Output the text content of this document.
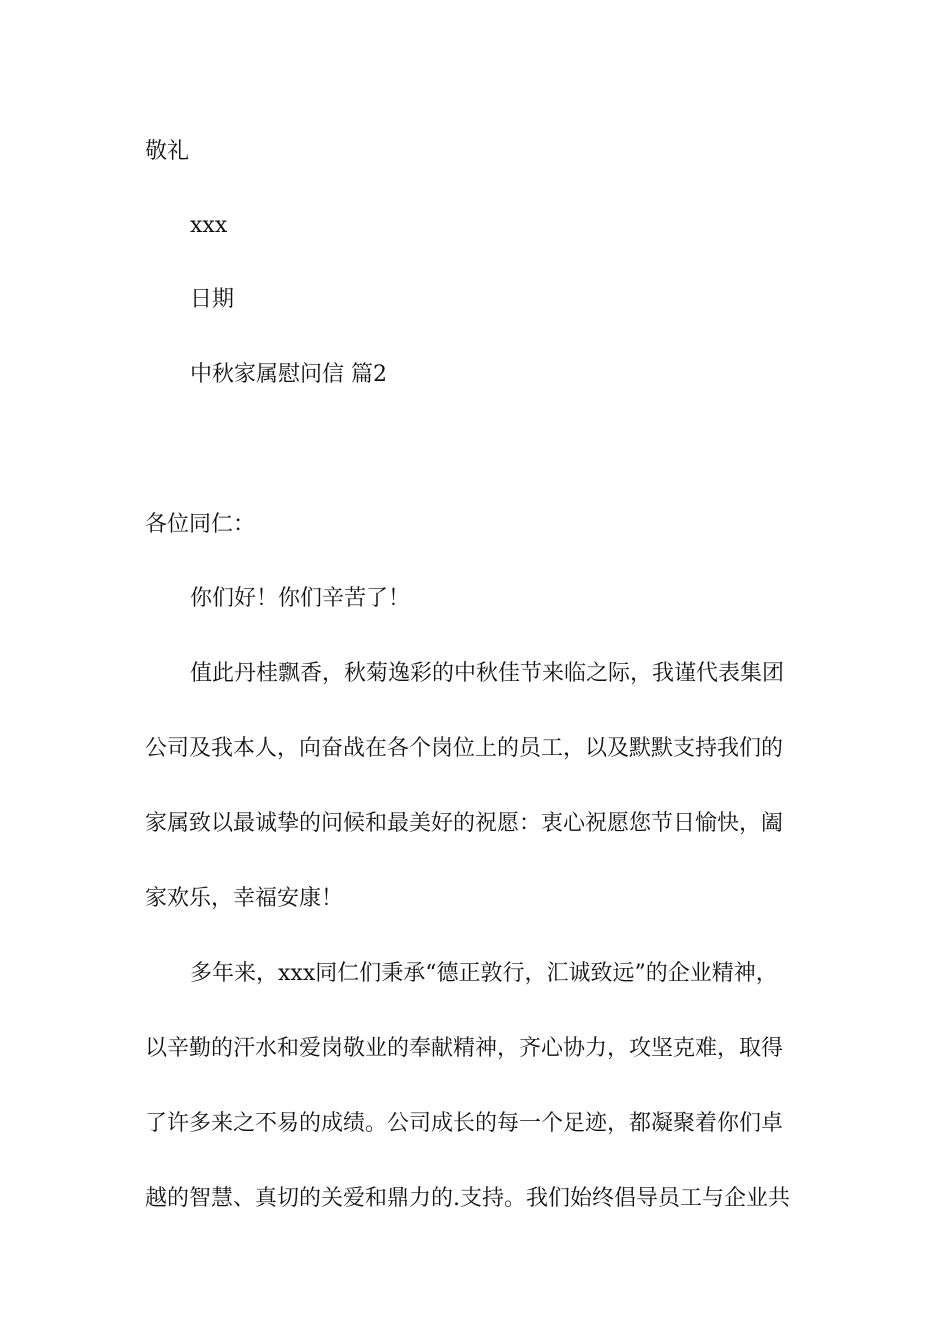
敬礼
xxx
日期
中秋家属慰问信 篇2
各位同仁：
你们好！你们辛苦了！
值此丹桂飘香，秋菊逸彩的中秋佳节来临之际，我谨代表集团
公司及我本人，向奋战在各个岗位上的员工，以及默默支持我们的
家属致以最诚挚的问候和最美好的祝愿：衷心祝愿您节日愉快，阖
家欢乐，幸福安康！
多年来，xxx同仁们秉承“德正敦行，汇诚致远”的企业精神，
以辛勤的汗水和爱岗敬业的奉献精神，齐心协力，攻坚克难，取得
了许多来之不易的成绩。公司成长的每一个足迹，都凝聚着你们卓
越的智慧、真切的关爱和鼎力的.支持。我们始终倡导员工与企业共
